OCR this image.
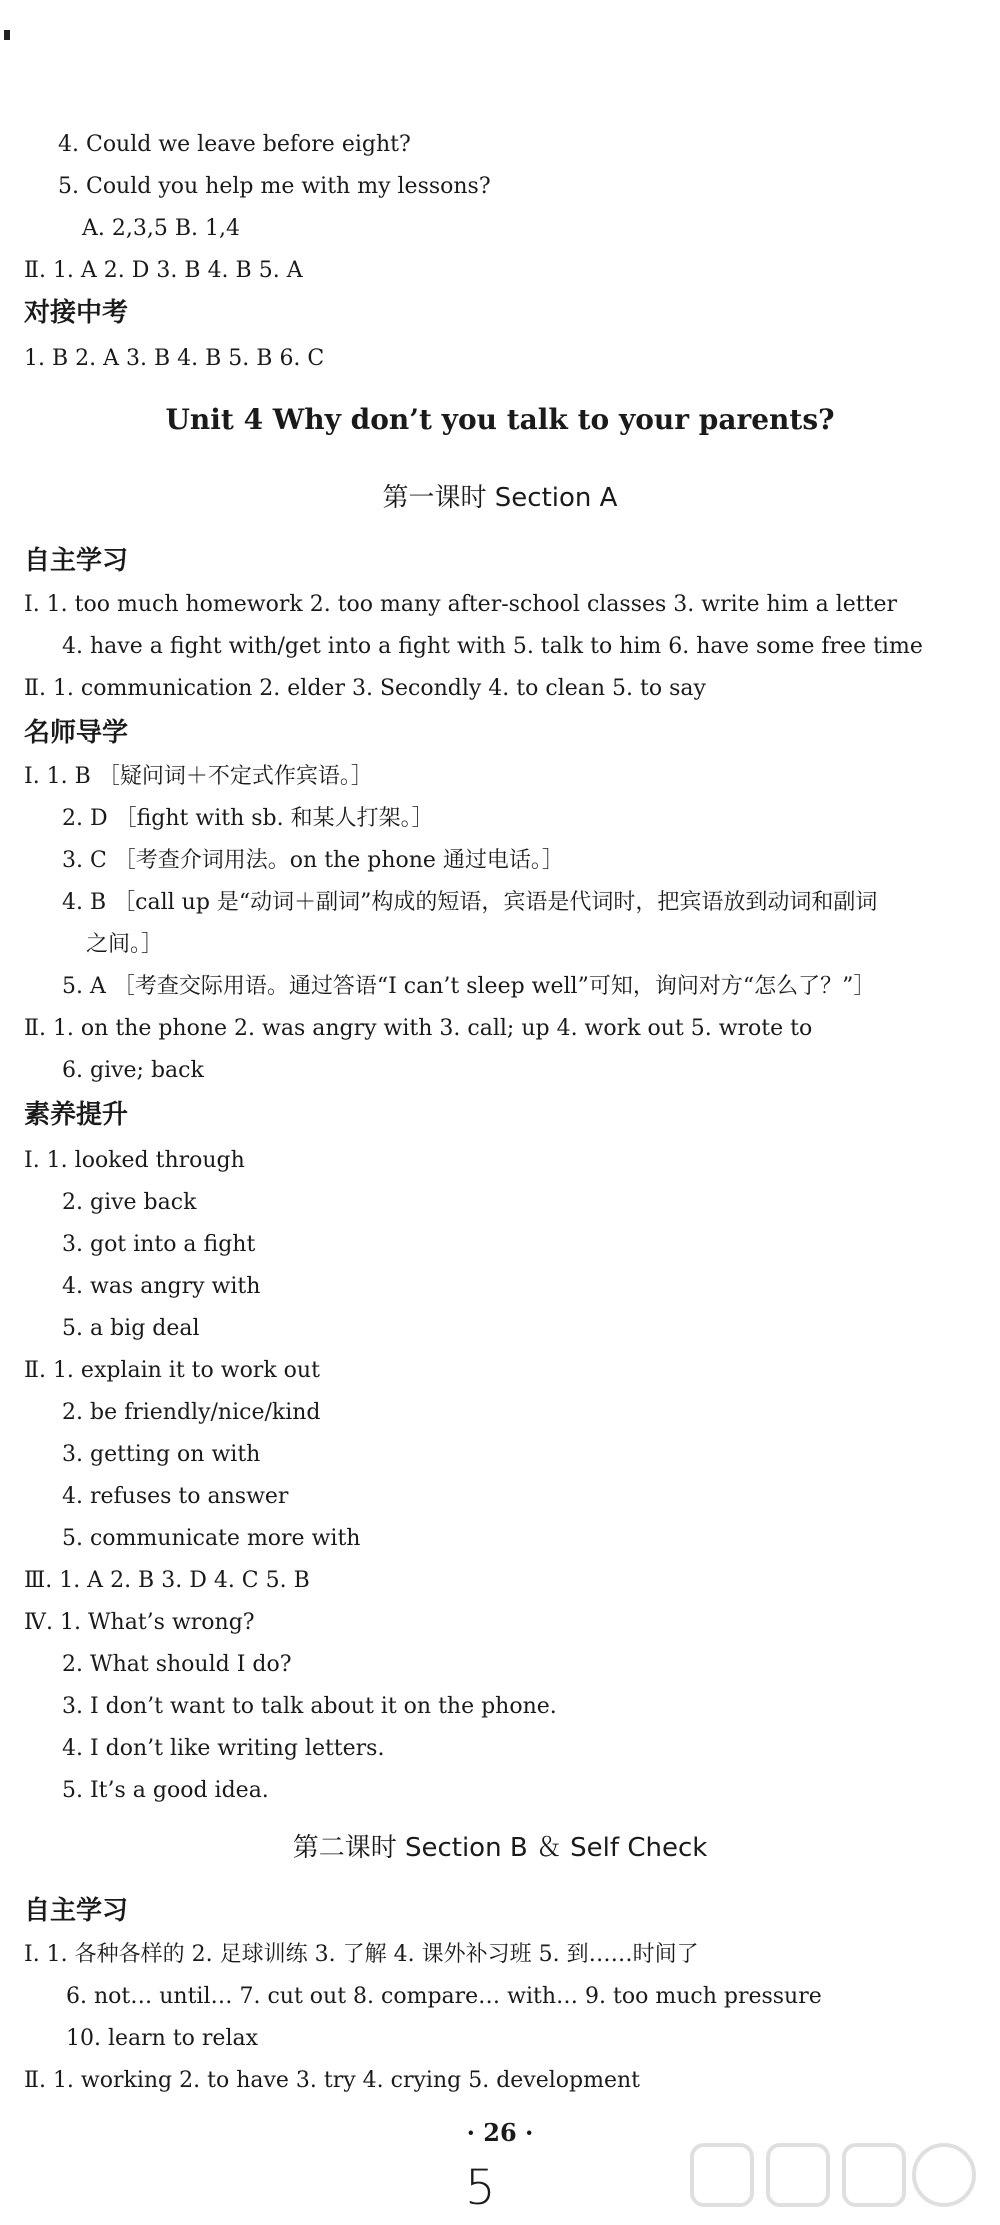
4. Could we leave before eight?
5. Could you help me with my lessons?
A. 2,3,5 B. 1,4
Ⅱ. 1. A 2. D 3. B 4. B 5. A
对接中考
1. B 2. A 3. B 4. B 5. B 6. C
Unit 4 Why don’t you talk to your parents?
第一课时 Section A
自主学习
Ⅰ. 1. too much homework 2. too many after-school classes 3. write him a letter
4. have a fight with/get into a fight with 5. talk to him 6. have some free time
Ⅱ. 1. communication 2. elder 3. Secondly 4. to clean 5. to say
名师导学
Ⅰ. 1. B ［疑问词＋不定式作宾语。］
2. D ［fight with sb. 和某人打架。］
3. C ［考查介词用法。on the phone 通过电话。］
4. B ［call up 是“动词＋副词”构成的短语，宾语是代词时，把宾语放到动词和副词
之间。］
5. A ［考查交际用语。通过答语“I can’t sleep well”可知，询问对方“怎么了？”］
Ⅱ. 1. on the phone 2. was angry with 3. call; up 4. work out 5. wrote to
6. give; back
素养提升
Ⅰ. 1. looked through
2. give back
3. got into a fight
4. was angry with
5. a big deal
Ⅱ. 1. explain it to work out
2. be friendly/nice/kind
3. getting on with
4. refuses to answer
5. communicate more with
Ⅲ. 1. A 2. B 3. D 4. C 5. B
Ⅳ. 1. What’s wrong?
2. What should I do?
3. I don’t want to talk about it on the phone.
4. I don’t like writing letters.
5. It’s a good idea.
第二课时 Section B ＆ Self Check
自主学习
Ⅰ. 1. 各种各样的 2. 足球训练 3. 了解 4. 课外补习班 5. 到……时间了
6. not… until… 7. cut out 8. compare… with… 9. too much pressure
10. learn to relax
Ⅱ. 1. working 2. to have 3. try 4. crying 5. development
· 26 ·
5
